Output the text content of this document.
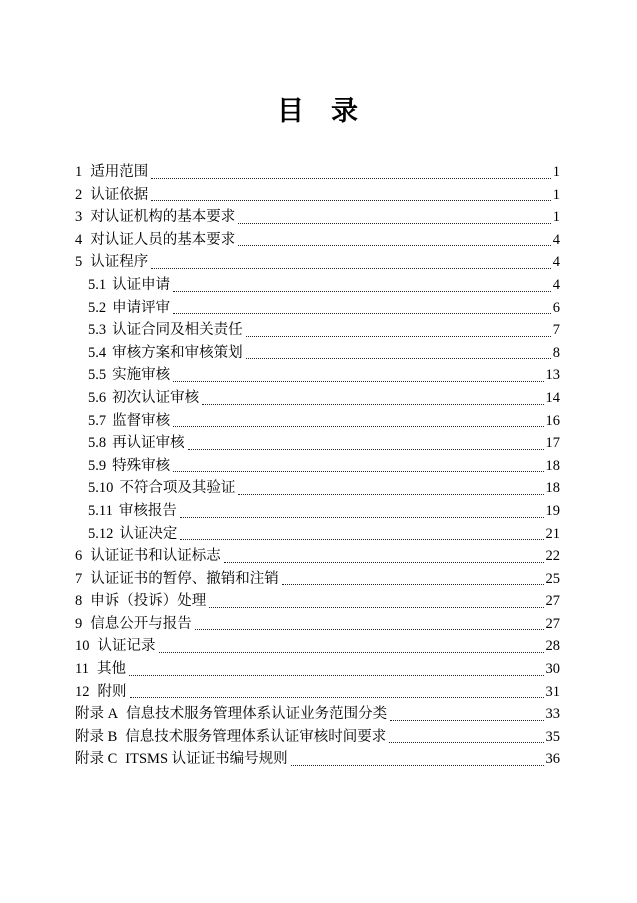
目　录
1 适用范围	1
2 认证依据	1
3 对认证机构的基本要求	1
4 对认证人员的基本要求	4
5 认证程序	4
5.1 认证申请	4
5.2 申请评审	6
5.3 认证合同及相关责任	7
5.4 审核方案和审核策划	8
5.5 实施审核	13
5.6 初次认证审核	14
5.7 监督审核	16
5.8 再认证审核	17
5.9 特殊审核	18
5.10 不符合项及其验证	18
5.11 审核报告	19
5.12 认证决定	21
6 认证证书和认证标志	22
7 认证证书的暂停、撤销和注销	25
8 申诉（投诉）处理	27
9 信息公开与报告	27
10 认证记录	28
11 其他	30
12 附则	31
附录 A 信息技术服务管理体系认证业务范围分类	33
附录 B 信息技术服务管理体系认证审核时间要求	35
附录 C ITSMS 认证证书编号规则	36
